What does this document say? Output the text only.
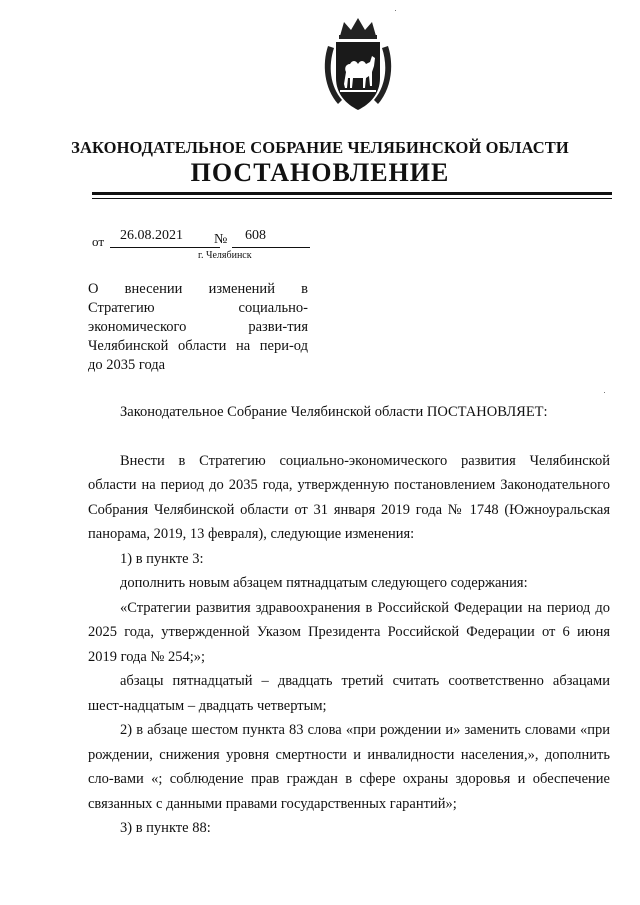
ЗАКОНОДАТЕЛЬНОЕ СОБРАНИЕ ЧЕЛЯБИНСКОЙ ОБЛАСТИ
ПОСТАНОВЛЕНИЕ
от 26.08.2021 № 608
г. Челябинск
О внесении изменений в Стратегию социально-экономического разви-тия Челябинской области на пери-од до 2035 года

Законодательное Собрание Челябинской области ПОСТАНОВЛЯЕТ:

Внести в Стратегию социально-экономического развития Челябинской области на период до 2035 года, утвержденную постановлением Законодательного Собрания Челябинской области от 31 января 2019 года № 1748 (Южноуральская панорама, 2019, 13 февраля), следующие изменения:

1) в пункте 3:

дополнить новым абзацем пятнадцатым следующего содержания:

«Стратегии развития здравоохранения в Российской Федерации на период до 2025 года, утвержденной Указом Президента Российской Федерации от 6 июня 2019 года № 254;»;

абзацы пятнадцатый – двадцать третий считать соответственно абзацами шест-надцатым – двадцать четвертым;

2) в абзаце шестом пункта 83 слова «при рождении и» заменить словами «при рождении, снижения уровня смертности и инвалидности населения,», дополнить сло-вами «; соблюдение прав граждан в сфере охраны здоровья и обеспечение связанных с данными правами государственных гарантий»;

3) в пункте 88:
